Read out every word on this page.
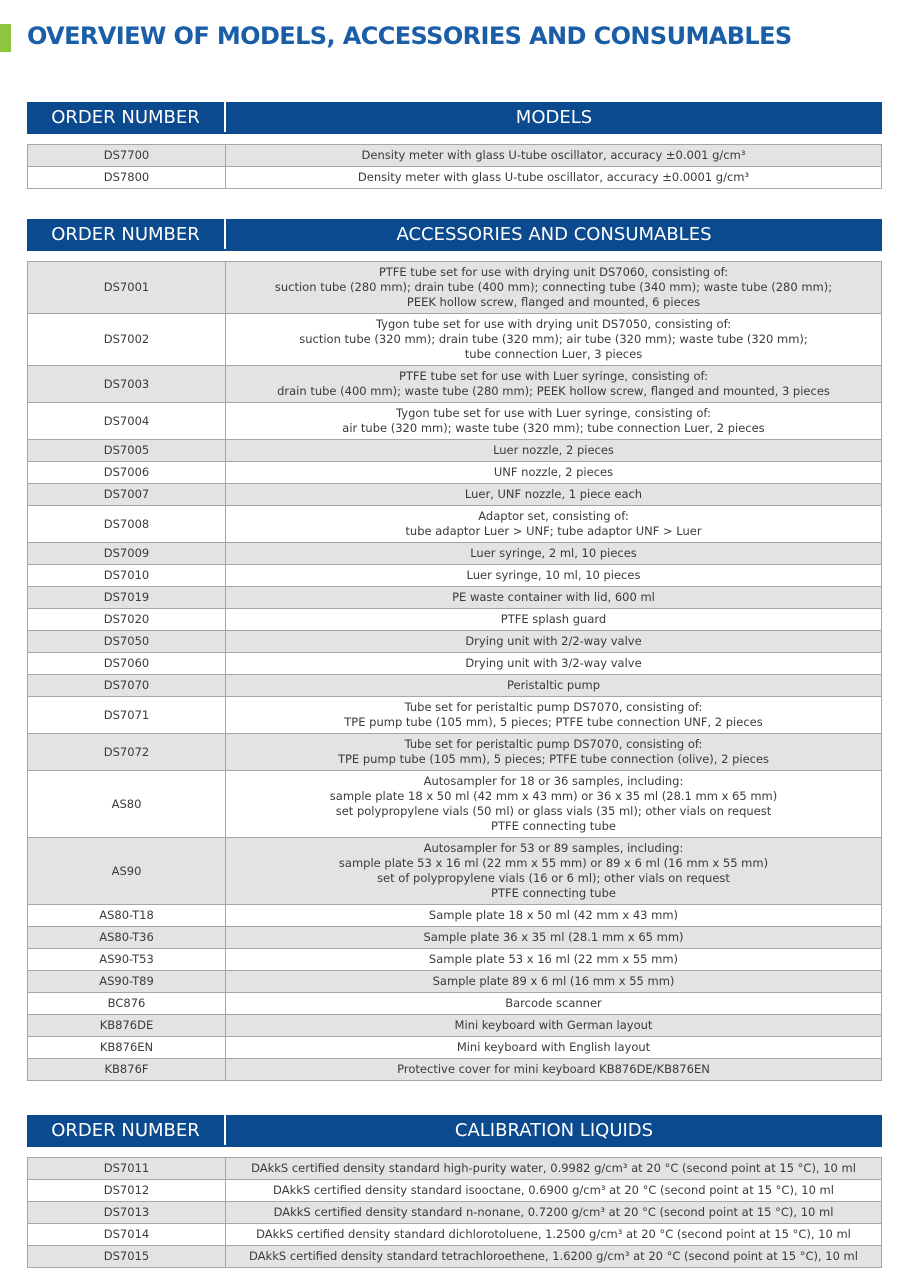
OVERVIEW OF MODELS, ACCESSORIES AND CONSUMABLES
ORDER NUMBER	MODELS
DS7700	Density meter with glass U-tube oscillator, accuracy ±0.001 g/cm³

DS7800	Density meter with glass U-tube oscillator, accuracy ±0.0001 g/cm³
ORDER NUMBER	ACCESSORIES AND CONSUMABLES
DS7001	PTFE tube set for use with drying unit DS7060, consisting of:
suction tube (280 mm); drain tube (400 mm); connecting tube (340 mm); waste tube (280 mm);
PEEK hollow screw, flanged and mounted, 6 pieces

DS7002	Tygon tube set for use with drying unit DS7050, consisting of:
suction tube (320 mm); drain tube (320 mm); air tube (320 mm); waste tube (320 mm);
tube connection Luer, 3 pieces

DS7003	PTFE tube set for use with Luer syringe, consisting of:
drain tube (400 mm); waste tube (280 mm); PEEK hollow screw, flanged and mounted, 3 pieces

DS7004	Tygon tube set for use with Luer syringe, consisting of:
air tube (320 mm); waste tube (320 mm); tube connection Luer, 2 pieces

DS7005	Luer nozzle, 2 pieces

DS7006	UNF nozzle, 2 pieces

DS7007	Luer, UNF nozzle, 1 piece each

DS7008	Adaptor set, consisting of:
tube adaptor Luer > UNF; tube adaptor UNF > Luer

DS7009	Luer syringe, 2 ml, 10 pieces

DS7010	Luer syringe, 10 ml, 10 pieces

DS7019	PE waste container with lid, 600 ml

DS7020	PTFE splash guard

DS7050	Drying unit with 2/2-way valve

DS7060	Drying unit with 3/2-way valve

DS7070	Peristaltic pump

DS7071	Tube set for peristaltic pump DS7070, consisting of:
TPE pump tube (105 mm), 5 pieces; PTFE tube connection UNF, 2 pieces

DS7072	Tube set for peristaltic pump DS7070, consisting of:
TPE pump tube (105 mm), 5 pieces; PTFE tube connection (olive), 2 pieces

AS80	Autosampler for 18 or 36 samples, including:
sample plate 18 x 50 ml (42 mm x 43 mm) or 36 x 35 ml (28.1 mm x 65 mm)
set polypropylene vials (50 ml) or glass vials (35 ml); other vials on request
PTFE connecting tube

AS90	Autosampler for 53 or 89 samples, including:
sample plate 53 x 16 ml (22 mm x 55 mm) or 89 x 6 ml (16 mm x 55 mm)
set of polypropylene vials (16 or 6 ml); other vials on request
PTFE connecting tube

AS80-T18	Sample plate 18 x 50 ml (42 mm x 43 mm)

AS80-T36	Sample plate 36 x 35 ml (28.1 mm x 65 mm)

AS90-T53	Sample plate 53 x 16 ml (22 mm x 55 mm)

AS90-T89	Sample plate 89 x 6 ml (16 mm x 55 mm)

BC876	Barcode scanner

KB876DE	Mini keyboard with German layout

KB876EN	Mini keyboard with English layout

KB876F	Protective cover for mini keyboard KB876DE/KB876EN
ORDER NUMBER	CALIBRATION LIQUIDS
DS7011	DAkkS certified density standard high-purity water, 0.9982 g/cm³ at 20 °C (second point at 15 °C), 10 ml

DS7012	DAkkS certified density standard isooctane, 0.6900 g/cm³ at 20 °C (second point at 15 °C), 10 ml

DS7013	DAkkS certified density standard n-nonane, 0.7200 g/cm³ at 20 °C (second point at 15 °C), 10 ml

DS7014	DAkkS certified density standard dichlorotoluene, 1.2500 g/cm³ at 20 °C (second point at 15 °C), 10 ml

DS7015	DAkkS certified density standard tetrachloroethene, 1.6200 g/cm³ at 20 °C (second point at 15 °C), 10 ml
